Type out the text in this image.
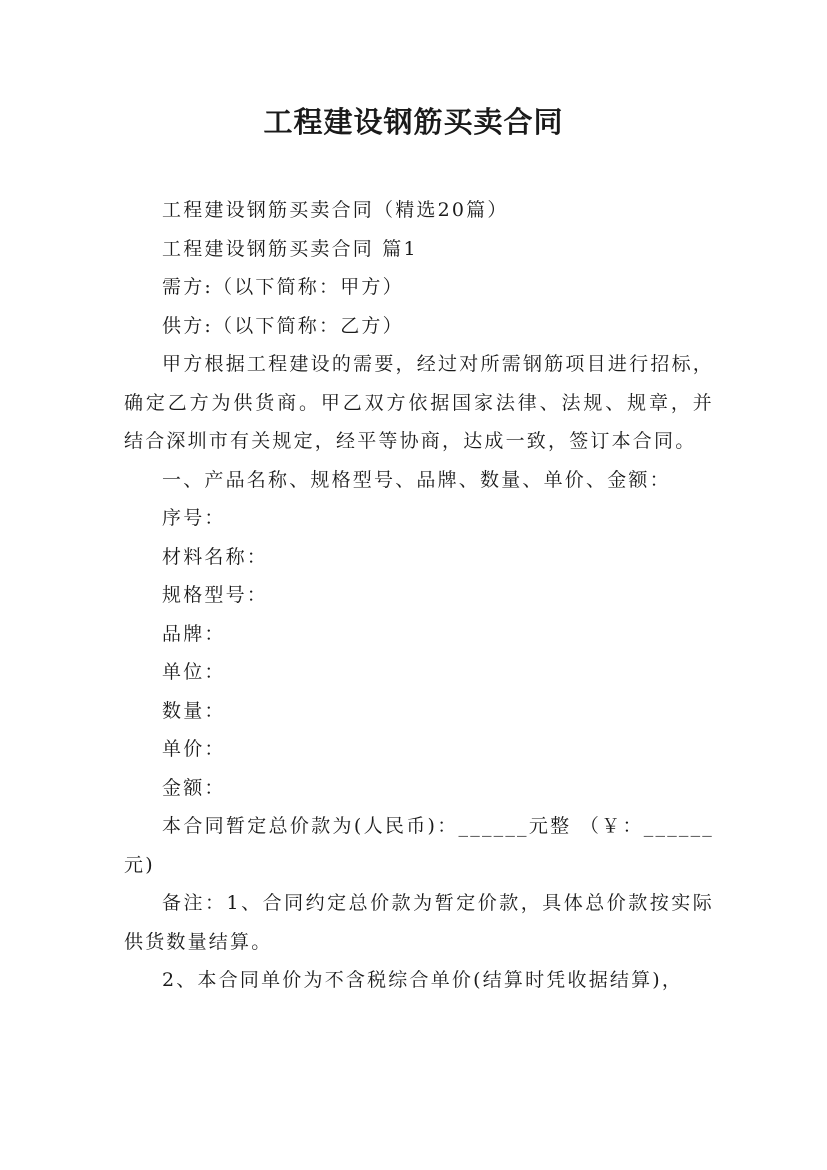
工程建设钢筋买卖合同

工程建设钢筋买卖合同（精选20篇）

工程建设钢筋买卖合同 篇1

需方:（以下简称：甲方）

供方:（以下简称：乙方）

甲方根据工程建设的需要，经过对所需钢筋项目进行招标，确定乙方为供货商。甲乙双方依据国家法律、法规、规章，并结合深圳市有关规定，经平等协商，达成一致，签订本合同。

一、产品名称、规格型号、品牌、数量、单价、金额：

序号：

材料名称：

规格型号：

品牌：

单位：

数量：

单价：

金额：

本合同暂定总价款为(人民币)：______元整 （￥：______元)

备注：1、合同约定总价款为暂定价款，具体总价款按实际供货数量结算。

2、本合同单价为不含税综合单价(结算时凭收据结算)，
